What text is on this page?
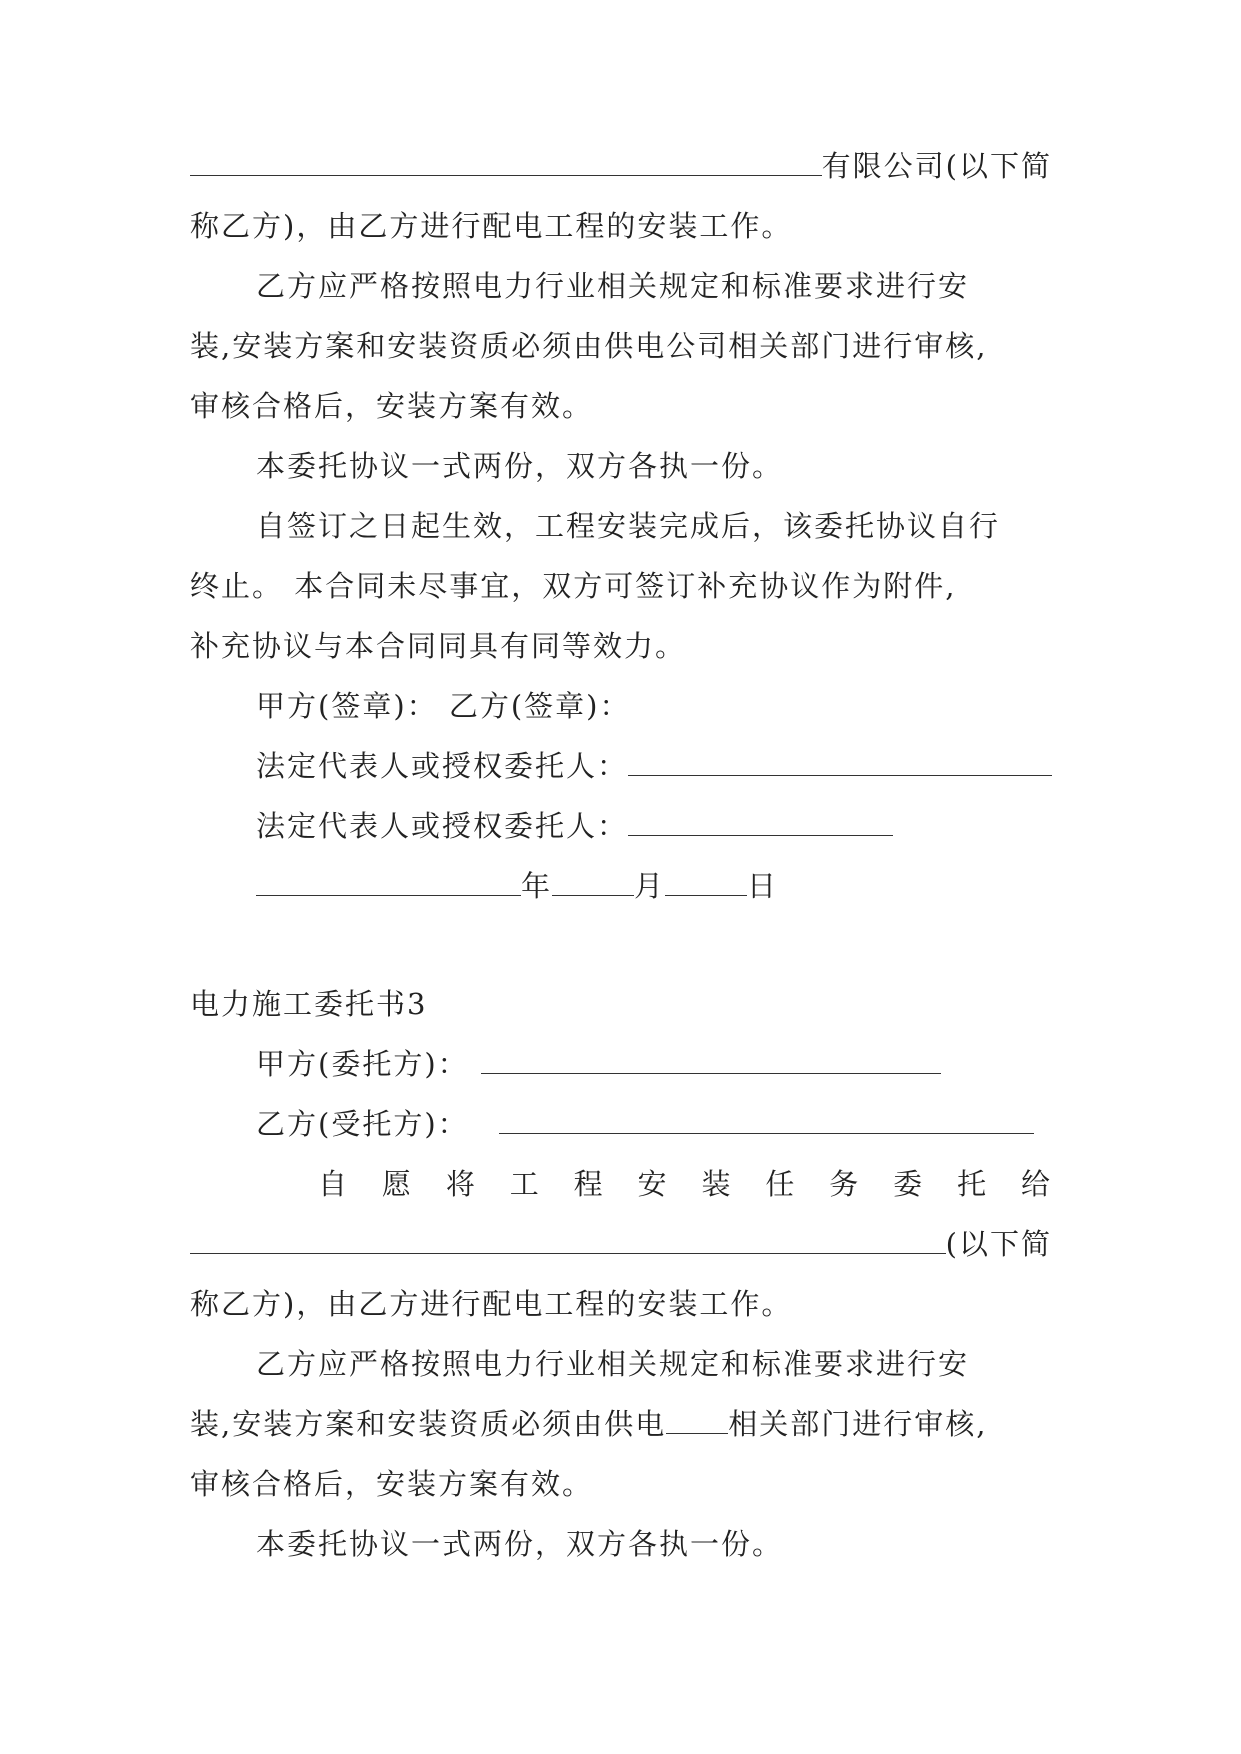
有限公司(以下简
称乙方)，由乙方进行配电工程的安装工作。
乙方应严格按照电力行业相关规定和标准要求进行安
装,安装方案和安装资质必须由供电公司相关部门进行审核,
审核合格后，安装方案有效。
本委托协议一式两份，双方各执一份。
自签订之日起生效，工程安装完成后，该委托协议自行
终止。 本合同未尽事宜，双方可签订补充协议作为附件,
补充协议与本合同同具有同等效力。
甲方(签章)： 乙方(签章)：
法定代表人或授权委托人：
法定代表人或授权委托人：
年	月	日
电力施工委托书3
甲方(委托方)：
乙方(受托方)：
自 愿 将 工 程 安 装 任 务 委 托 给
(以下简
称乙方)，由乙方进行配电工程的安装工作。
乙方应严格按照电力行业相关规定和标准要求进行安
装,安装方案和安装资质必须由供电 相关部门进行审核,
审核合格后，安装方案有效。
本委托协议一式两份，双方各执一份。
